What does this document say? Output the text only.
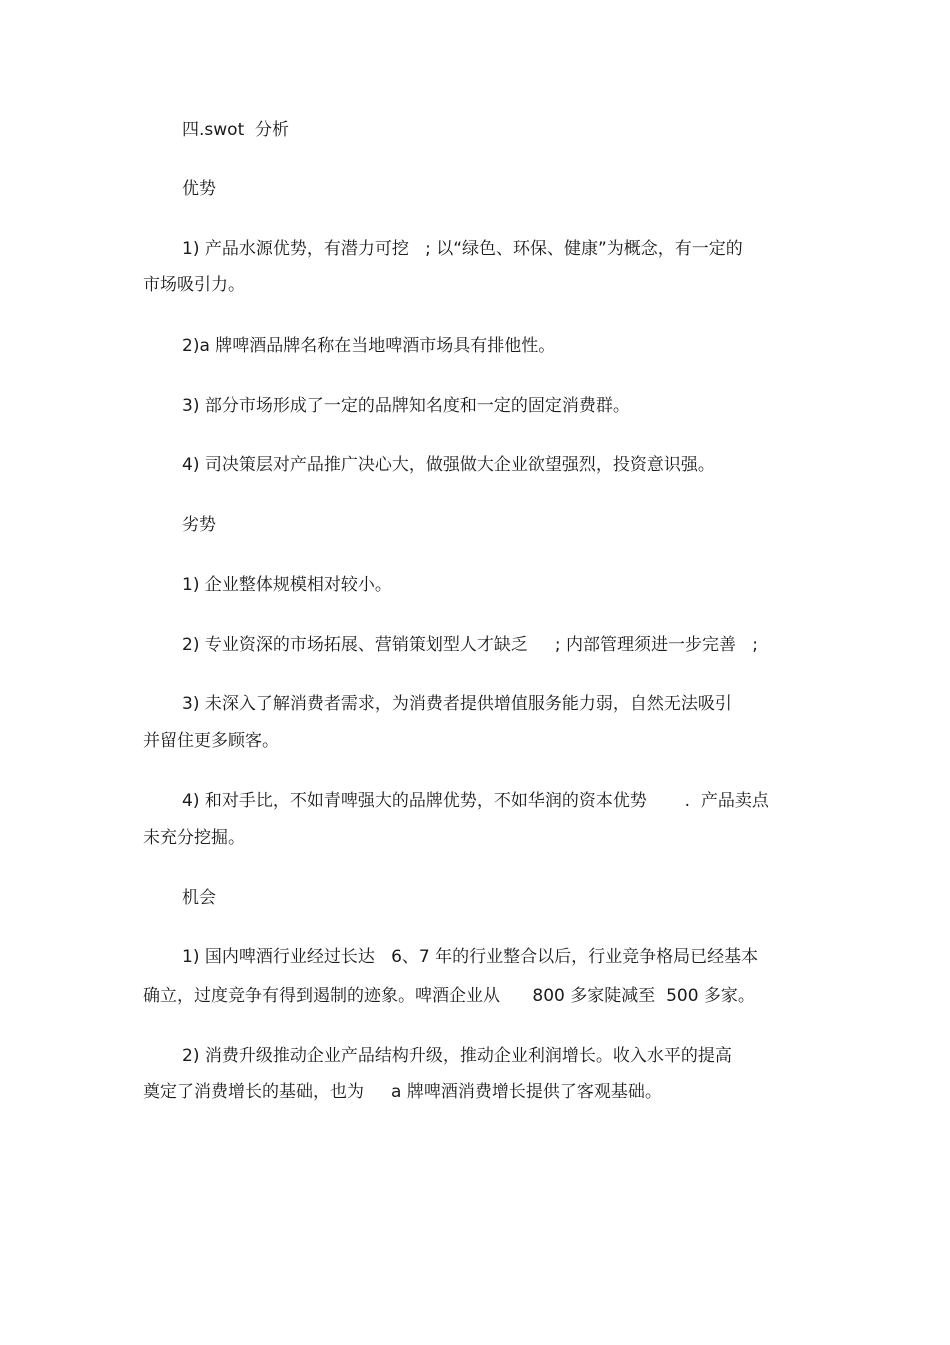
四.swot  分析

优势

1) 产品水源优势，有潜力可挖   ; 以“绿色、环保、健康”为概念，有一定的

市场吸引力。

2)a 牌啤酒品牌名称在当地啤酒市场具有排他性。

3) 部分市场形成了一定的品牌知名度和一定的固定消费群。

4) 司决策层对产品推广决心大，做强做大企业欲望强烈，投资意识强。

劣势

1) 企业整体规模相对较小。

2) 专业资深的市场拓展、营销策划型人才缺乏     ; 内部管理须进一步完善   ;

3) 未深入了解消费者需求，为消费者提供增值服务能力弱，自然无法吸引

并留住更多顾客。

4) 和对手比，不如青啤强大的品牌优势，不如华润的资本优势       .  产品卖点

未充分挖掘。

机会

1) 国内啤酒行业经过长达   6、7 年的行业整合以后，行业竞争格局已经基本

确立，过度竞争有得到遏制的迹象。啤酒企业从      800 多家陡减至  500 多家。

2) 消费升级推动企业产品结构升级，推动企业利润增长。收入水平的提高

奠定了消费增长的基础，也为     a 牌啤酒消费增长提供了客观基础。
